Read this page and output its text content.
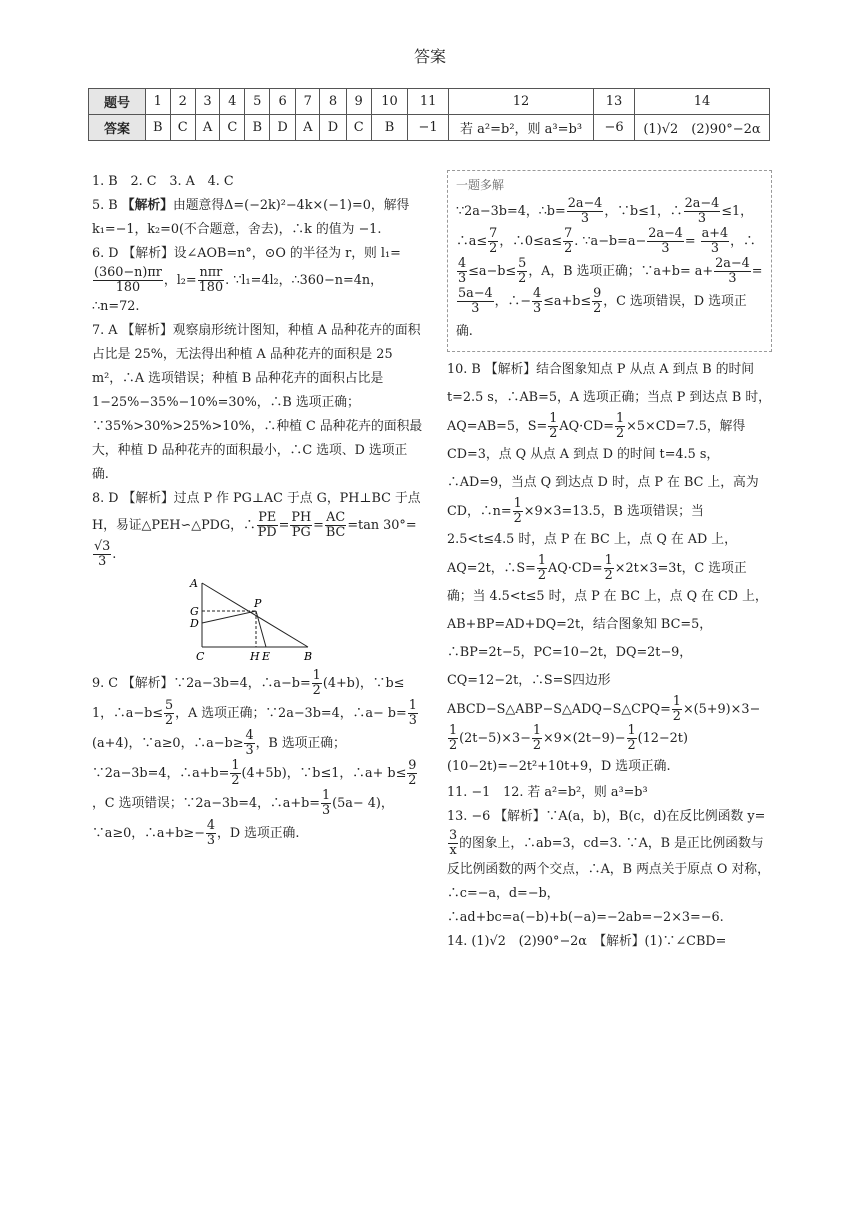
答案
题号	1	2	3	4	5	6	7	8	9	10	11	12	13	14
答案	B	C	A	C	B	D	A	D	C	B	−1	若 a²=b²，则 a³=b³	−6	(1)√2　(2)90°−2α

1. B　2. C　3. A　4. C

5. B 【解析】由题意得Δ=(−2k)²−4k×(−1)=0，解得 k₁=−1，k₂=0(不合题意，舍去)，∴k 的值为 −1.

6. D 【解析】设∠AOB=n°，⊙O 的半径为 r，则 l₁=
$\frac{(360-n)\pi r}{180}$ ，$l_2= \frac{\text{nπr}}{180}$ . ∵l₁=4l₂，∴360−n=4n，
∴n=72.

7. A 【解析】观察扇形统计图知，种植 A 品种花卉的面积占比是 25%，无法得出种植 A 品种花卉的面积是 25 m²，∴A 选项错误；种植 B 品种花卉的面积占比是 1−25%−35%−10%=30%，∴B 选项正确；∵35%>30%>25%>10%，∴种植 C 品种花卉的面积最大，种植 D 品种花卉的面积最小，∴C 选项、D 选项正确.

8. D 【解析】过点 P 作 PG⊥AC 于点 G，PH⊥BC 于点 H，易证△PEH∽△PDG，∴ $\frac{PE}{PD} = \frac{PH}{PG} = \frac{AC}{BC} =\tan$ 30°=
$\frac{√3}{3}$ .

A
G
D
C	H E	B
P

9. C 【解析】∵2a−3b=4，∴a−b= $\frac{1}{2} (4+b)$，∵b≤ 1，∴a−b≤ $\frac{5}{2}$ ，A 选项正确；∵2a−3b=4，∴a− $b= \frac{1}{3}$
(a+4)，∵a≥0，∴a−b≥ $\frac{4}{3}$ ，B 选项正确； ∵2a−3b=4，∴a+b= $\frac{1}{2} (4+5b)$，∵b≤1，∴a+ $b\le \frac{9}{2}$
，C 选项错误；∵2a−3b=4，∴a+b= $\frac{1}{3} (5a- 4)$，∵a≥0，∴a+b≥− $\frac{4}{3}$ ，D 选项正确.

一题多解

∵2a−3b=4，∴b= $\frac{2a-4}{3}$ ，∵b≤1，∴ $\frac{2a-4}{3} \le 1$， ∴a≤ $\frac{7}{2}$ ，∴0≤a≤ $\frac{7}{2}$ . ∵a−b=a− $\frac{2a-4}{3} = \frac{a+4}{3}$ ，∴
$\frac{4}{3} \le a-b\le \frac{5}{2}$ ，A，B 选项正确；∵a+b= $a+ \frac{2a-4}{3}$ =
$\frac{5a-4}{3}$ ，∴− $\frac{4}{3} \le a+b\le \frac{9}{2}$ ，C 选项错误，D 选项正确.

10. B 【解析】结合图象知点 P 从点 A 到点 B 的时间 t=2.5 s，∴AB=5，A 选项正确；当点 P 到达点 B 时，AQ=AB=5，$S= \frac{1}{2} AQ\cdot CD= \frac{1}{2} \times 5\times CD=7.5$，解得 CD=3，点 Q 从点 A 到点 D 的时间 t=4.5 s，∴AD=9，当点 Q 到达点 D 时，点 P 在 BC 上，高为 CD，∴n= $\frac{1}{2} \times 9\times 3=13.5$，B 选项错误；当 2.5<t≤4.5 时，点 P 在 BC 上，点 Q 在 AD 上，AQ=2t，∴S= $\frac{1}{2} AQ\cdot CD= \frac{1}{2} \times 2t\times 3=3t$，C 选项正确；当 4.5<t≤5 时，点 P 在 BC 上，点 Q 在 CD 上，AB+BP=AD+DQ=2t，结合图象知 BC=5，∴BP=2t−5，PC=10−2t，DQ=2t−9，CQ=12−2t，∴S=S四边形ABCD−S△ABP−S△ADQ−S△CPQ= $\frac{1}{2} \times(5+9)\times 3-$
$\frac{1}{2} (2t-5)\times 3- \frac{1}{2} \times 9\times(2t-9)- \frac{1}{2} (12-2t)(10-2t)=-2t^2+10t+9$，D 选项正确.

11. −1　12. 若 a²=b²，则 a³=b³

13. −6 【解析】∵A(a，b)，B(c，d)在反比例函数 y=
$\frac{3}{x}$ 的图象上，∴ab=3，cd=3. ∵A，B 是正比例函数与反比例函数的两个交点，∴A，B 两点关于原点 O 对称，∴c=−a，d=−b，∴ad+bc=a(−b)+b(−a)=−2ab=−2×3=−6.

14. (1)√2　(2)90°−2α　【解析】(1)∵∠CBD=
